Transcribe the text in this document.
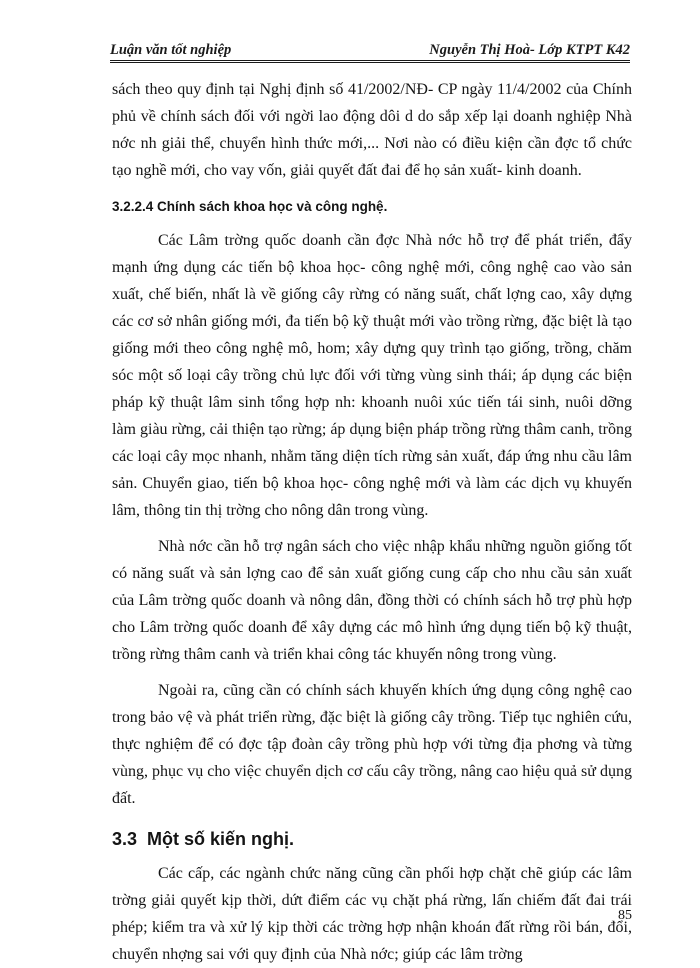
Luận văn tốt nghiệp	Nguyễn Thị Hoà- Lớp KTPT K42

sách theo quy định tại Nghị định số 41/2002/NĐ- CP ngày 11/4/2002 của Chính phủ về chính sách đối với ngời lao động dôi d do sắp xếp lại doanh nghiệp Nhà nớc nh giải thể, chuyển hình thức mới,... Nơi nào có điều kiện cần đợc tổ chức tạo nghề mới, cho vay vốn, giải quyết đất đai để họ sản xuất- kinh doanh.

3.2.2.4 Chính sách khoa học và công nghệ.

Các Lâm trờng quốc doanh cần đợc Nhà nớc hỗ trợ để phát triển, đẩy mạnh ứng dụng các tiến bộ khoa học- công nghệ mới, công nghệ cao vào sản xuất, chế biến, nhất là về giống cây rừng có năng suất, chất lợng cao, xây dựng các cơ sở nhân giống mới, đa tiến bộ kỹ thuật mới vào trồng rừng, đặc biệt là tạo giống mới theo công nghệ mô, hom; xây dựng quy trình tạo giống, trồng, chăm sóc một số loại cây trồng chủ lực đối với từng vùng sinh thái; áp dụng các biện pháp kỹ thuật lâm sinh tổng hợp nh: khoanh nuôi xúc tiến tái sinh, nuôi dỡng làm giàu rừng, cải thiện tạo rừng; áp dụng biện pháp trồng rừng thâm canh, trồng các loại cây mọc nhanh, nhằm tăng diện tích rừng sản xuất, đáp ứng nhu cầu lâm sản. Chuyển giao, tiến bộ khoa học- công nghệ mới và làm các dịch vụ khuyến lâm, thông tin thị trờng cho nông dân trong vùng.

Nhà nớc cần hỗ trợ ngân sách cho việc nhập khẩu những nguồn giống tốt có năng suất và sản lợng cao để sản xuất giống cung cấp cho nhu cầu sản xuất của Lâm trờng quốc doanh và nông dân, đồng thời có chính sách hỗ trợ phù hợp cho Lâm trờng quốc doanh để xây dựng các mô hình ứng dụng tiến bộ kỹ thuật, trồng rừng thâm canh và triển khai công tác khuyến nông trong vùng.

Ngoài ra, cũng cần có chính sách khuyến khích ứng dụng công nghệ cao trong bảo vệ và phát triển rừng, đặc biệt là giống cây trồng. Tiếp tục nghiên cứu, thực nghiệm để có đợc tập đoàn cây trồng phù hợp với từng địa phơng và từng vùng, phục vụ cho việc chuyển dịch cơ cấu cây trồng, nâng cao hiệu quả sử dụng đất.

3.3 Một số kiến nghị.

Các cấp, các ngành chức năng cũng cần phối hợp chặt chẽ giúp các lâm trờng giải quyết kịp thời, dứt điểm các vụ chặt phá rừng, lấn chiếm đất đai trái phép; kiểm tra và xử lý kịp thời các trờng hợp nhận khoán đất rừng rồi bán, đổi, chuyển nhợng sai với quy định của Nhà nớc; giúp các lâm trờng

85
